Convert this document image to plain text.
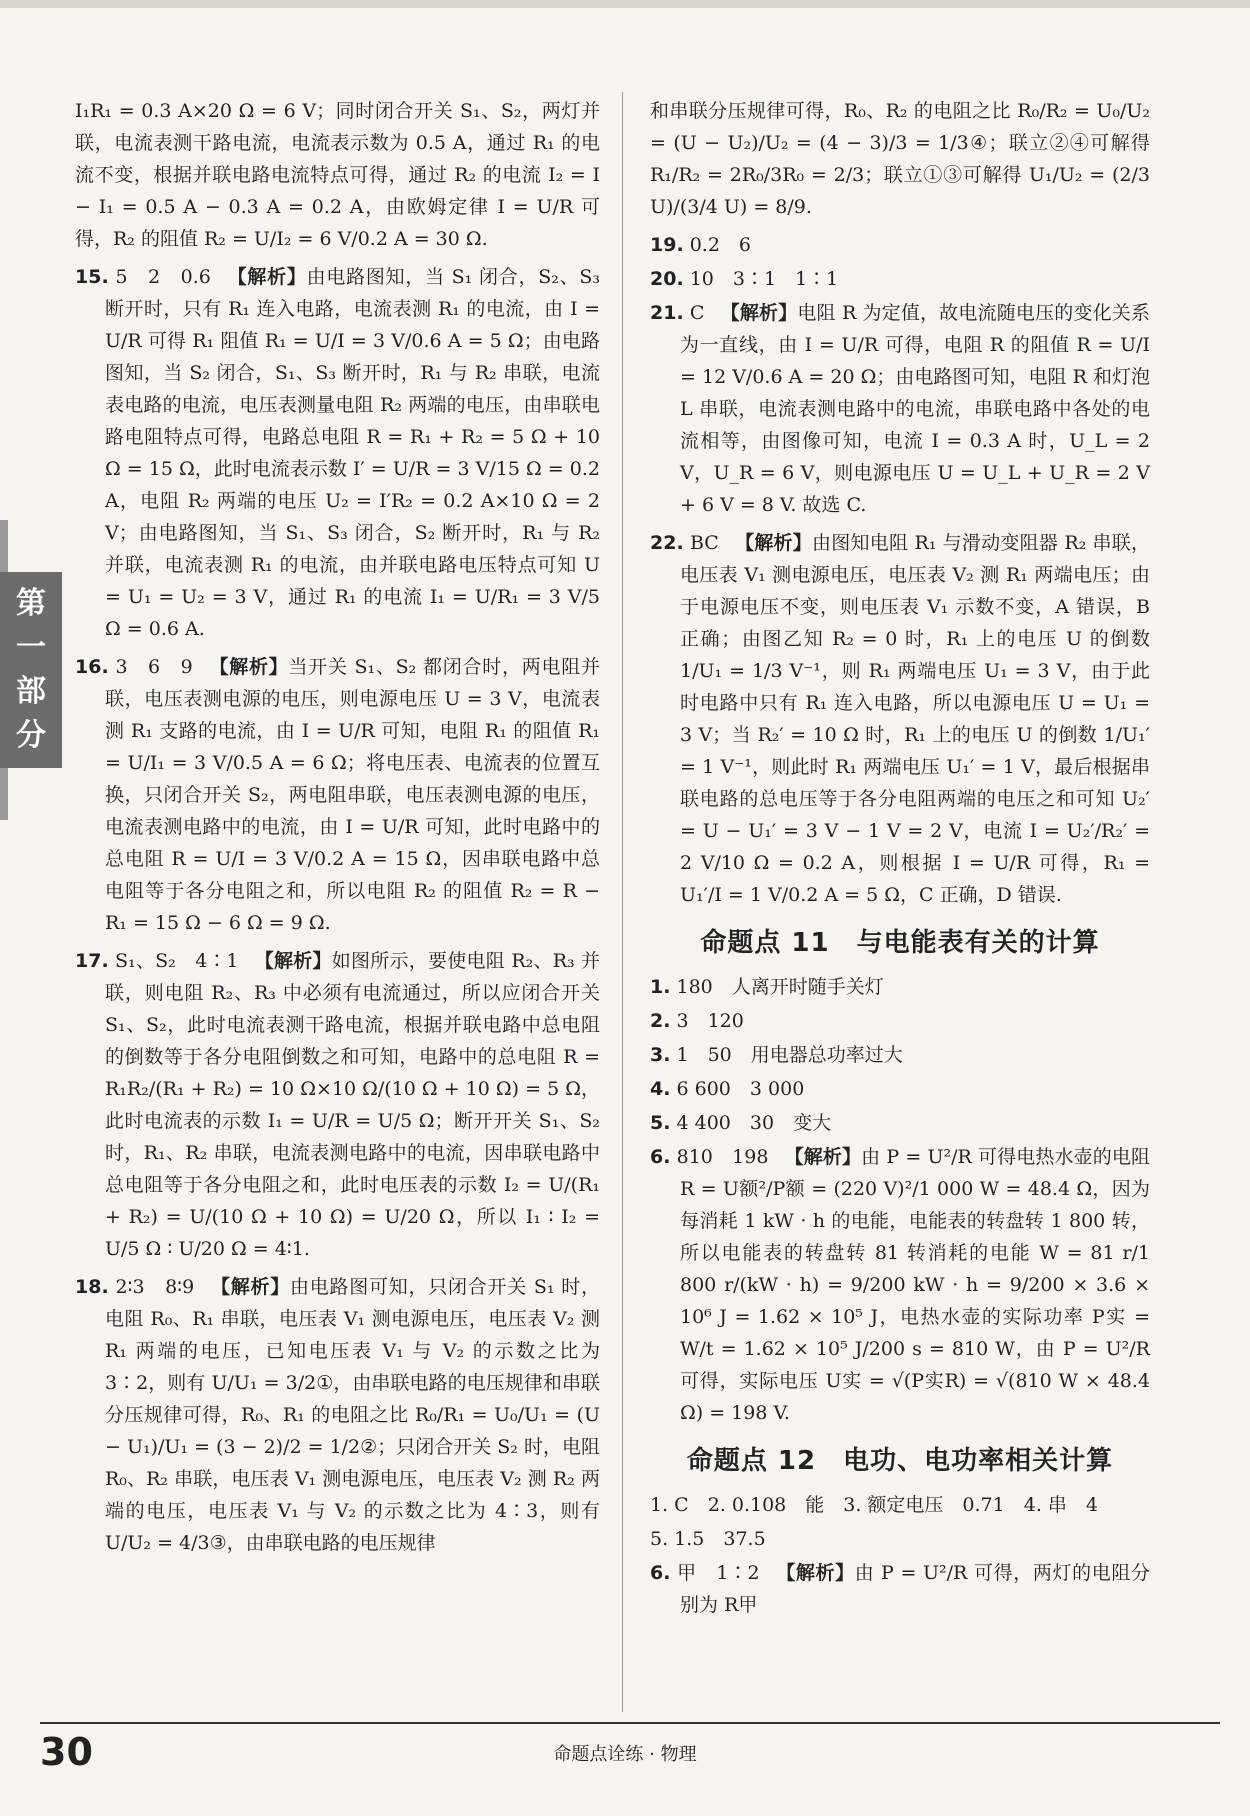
第
一
部
分

I₁R₁ = 0.3 A×20 Ω = 6 V；同时闭合开关 S₁、S₂，两灯并联，电流表测干路电流，电流表示数为 0.5 A，通过 R₁ 的电流不变，根据并联电路电流特点可得，通过 R₂ 的电流 I₂ = I − I₁ = 0.5 A − 0.3 A = 0.2 A，由欧姆定律 I = U/R 可得，R₂ 的阻值 R₂ = U/I₂ = 6 V/0.2 A = 30 Ω.

15. 5　2　0.6 【解析】由电路图知，当 S₁ 闭合，S₂、S₃ 断开时，只有 R₁ 连入电路，电流表测 R₁ 的电流，由 I = U/R 可得 R₁ 阻值 R₁ = U/I = 3 V/0.6 A = 5 Ω；由电路图知，当 S₂ 闭合，S₁、S₃ 断开时，R₁ 与 R₂ 串联，电流表电路的电流，电压表测量电阻 R₂ 两端的电压，由串联电路电阻特点可得，电路总电阻 R = R₁ + R₂ = 5 Ω + 10 Ω = 15 Ω，此时电流表示数 I′ = U/R = 3 V/15 Ω = 0.2 A，电阻 R₂ 两端的电压 U₂ = I′R₂ = 0.2 A×10 Ω = 2 V；由电路图知，当 S₁、S₃ 闭合，S₂ 断开时，R₁ 与 R₂ 并联，电流表测 R₁ 的电流，由并联电路电压特点可知 U = U₁ = U₂ = 3 V，通过 R₁ 的电流 I₁ = U/R₁ = 3 V/5 Ω = 0.6 A.

16. 3　6　9 【解析】当开关 S₁、S₂ 都闭合时，两电阻并联，电压表测电源的电压，则电源电压 U = 3 V，电流表测 R₁ 支路的电流，由 I = U/R 可知，电阻 R₁ 的阻值 R₁ = U/I₁ = 3 V/0.5 A = 6 Ω；将电压表、电流表的位置互换，只闭合开关 S₂，两电阻串联，电压表测电源的电压，电流表测电路中的电流，由 I = U/R 可知，此时电路中的总电阻 R = U/I = 3 V/0.2 A = 15 Ω，因串联电路中总电阻等于各分电阻之和，所以电阻 R₂ 的阻值 R₂ = R − R₁ = 15 Ω − 6 Ω = 9 Ω.

17. S₁、S₂　4∶1 【解析】如图所示，要使电阻 R₂、R₃ 并联，则电阻 R₂、R₃ 中必须有电流通过，所以应闭合开关 S₁、S₂，此时电流表测干路电流，根据并联电路中总电阻的倒数等于各分电阻倒数之和可知，电路中的总电阻 R = R₁R₂/(R₁ + R₂) = 10 Ω×10 Ω/(10 Ω + 10 Ω) = 5 Ω，此时电流表的示数 I₁ = U/R = U/5 Ω；断开开关 S₁、S₂ 时，R₁、R₂ 串联，电流表测电路中的电流，因串联电路中总电阻等于各分电阻之和，此时电压表的示数 I₂ = U/(R₁ + R₂) = U/(10 Ω + 10 Ω) = U/20 Ω，所以 I₁ ∶ I₂ = U/5 Ω ∶ U/20 Ω = 4∶1.

18. 2∶3　8∶9 【解析】由电路图可知，只闭合开关 S₁ 时，电阻 R₀、R₁ 串联，电压表 V₁ 测电源电压，电压表 V₂ 测 R₁ 两端的电压，已知电压表 V₁ 与 V₂ 的示数之比为 3∶2，则有 U/U₁ = 3/2①，由串联电路的电压规律和串联分压规律可得，R₀、R₁ 的电阻之比 R₀/R₁ = U₀/U₁ = (U − U₁)/U₁ = (3 − 2)/2 = 1/2②；只闭合开关 S₂ 时，电阻 R₀、R₂ 串联，电压表 V₁ 测电源电压，电压表 V₂ 测 R₂ 两端的电压，电压表 V₁ 与 V₂ 的示数之比为 4∶3，则有 U/U₂ = 4/3③，由串联电路的电压规律

和串联分压规律可得，R₀、R₂ 的电阻之比 R₀/R₂ = U₀/U₂ = (U − U₂)/U₂ = (4 − 3)/3 = 1/3④；联立②④可解得 R₁/R₂ = 2R₀/3R₀ = 2/3；联立①③可解得 U₁/U₂ = (2/3 U)/(3/4 U) = 8/9.

19. 0.2　6

20. 10　3∶1　1∶1

21. C 【解析】电阻 R 为定值，故电流随电压的变化关系为一直线，由 I = U/R 可得，电阻 R 的阻值 R = U/I = 12 V/0.6 A = 20 Ω；由电路图可知，电阻 R 和灯泡 L 串联，电流表测电路中的电流，串联电路中各处的电流相等，由图像可知，电流 I = 0.3 A 时，U_L = 2 V，U_R = 6 V，则电源电压 U = U_L + U_R = 2 V + 6 V = 8 V. 故选 C.

22. BC 【解析】由图知电阻 R₁ 与滑动变阻器 R₂ 串联，电压表 V₁ 测电源电压，电压表 V₂ 测 R₁ 两端电压；由于电源电压不变，则电压表 V₁ 示数不变，A 错误，B 正确；由图乙知 R₂ = 0 时，R₁ 上的电压 U 的倒数 1/U₁ = 1/3 V⁻¹，则 R₁ 两端电压 U₁ = 3 V，由于此时电路中只有 R₁ 连入电路，所以电源电压 U = U₁ = 3 V；当 R₂′ = 10 Ω 时，R₁ 上的电压 U 的倒数 1/U₁′ = 1 V⁻¹，则此时 R₁ 两端电压 U₁′ = 1 V，最后根据串联电路的总电压等于各分电阻两端的电压之和可知 U₂′ = U − U₁′ = 3 V − 1 V = 2 V，电流 I = U₂′/R₂′ = 2 V/10 Ω = 0.2 A，则根据 I = U/R 可得，R₁ = U₁′/I = 1 V/0.2 A = 5 Ω，C 正确，D 错误.

命题点 11　与电能表有关的计算

1. 180　人离开时随手关灯

2. 3　120

3. 1　50　用电器总功率过大

4. 6 600　3 000

5. 4 400　30　变大

6. 810　198 【解析】由 P = U²/R 可得电热水壶的电阻 R = U额²/P额 = (220 V)²/1 000 W = 48.4 Ω，因为每消耗 1 kW · h 的电能，电能表的转盘转 1 800 转，所以电能表的转盘转 81 转消耗的电能 W = 81 r/1 800 r/(kW · h) = 9/200 kW · h = 9/200 × 3.6 × 10⁶ J = 1.62 × 10⁵ J，电热水壶的实际功率 P实 = W/t = 1.62 × 10⁵ J/200 s = 810 W，由 P = U²/R 可得，实际电压 U实 = √(P实R) = √(810 W × 48.4 Ω) = 198 V.

命题点 12　电功、电功率相关计算

1. C　2. 0.108　能　3. 额定电压　0.71　4. 串　4

5. 1.5　37.5

6. 甲　1∶2 【解析】由 P = U²/R 可得，两灯的电阻分别为 R甲

30	命题点诠练 · 物理
